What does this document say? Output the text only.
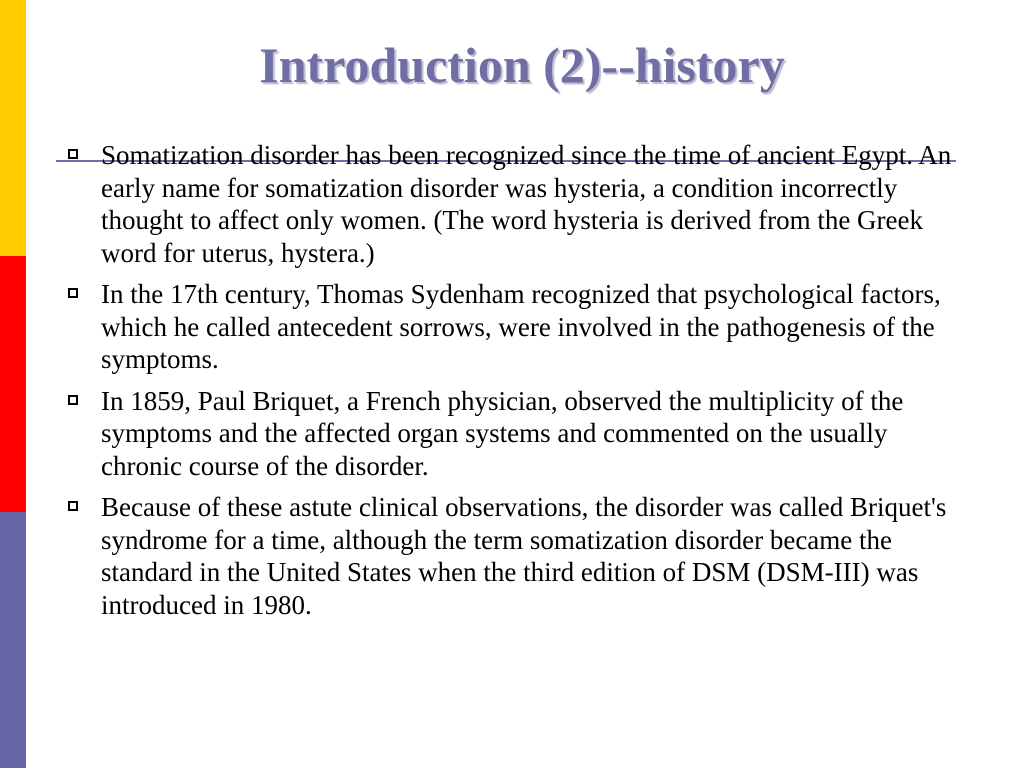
Introduction (2)--history
Somatization disorder has been recognized since the time of ancient Egypt. An early name for somatization disorder was hysteria, a condition incorrectly thought to affect only women. (The word hysteria is derived from the Greek word for uterus, hystera.)
In the 17th century, Thomas Sydenham recognized that psychological factors, which he called antecedent sorrows, were involved in the pathogenesis of the symptoms.
In 1859, Paul Briquet, a French physician, observed the multiplicity of the symptoms and the affected organ systems and commented on the usually chronic course of the disorder.
Because of these astute clinical observations, the disorder was called Briquet's syndrome for a time, although the term somatization disorder became the standard in the United States when the third edition of DSM (DSM-III) was introduced in 1980.
